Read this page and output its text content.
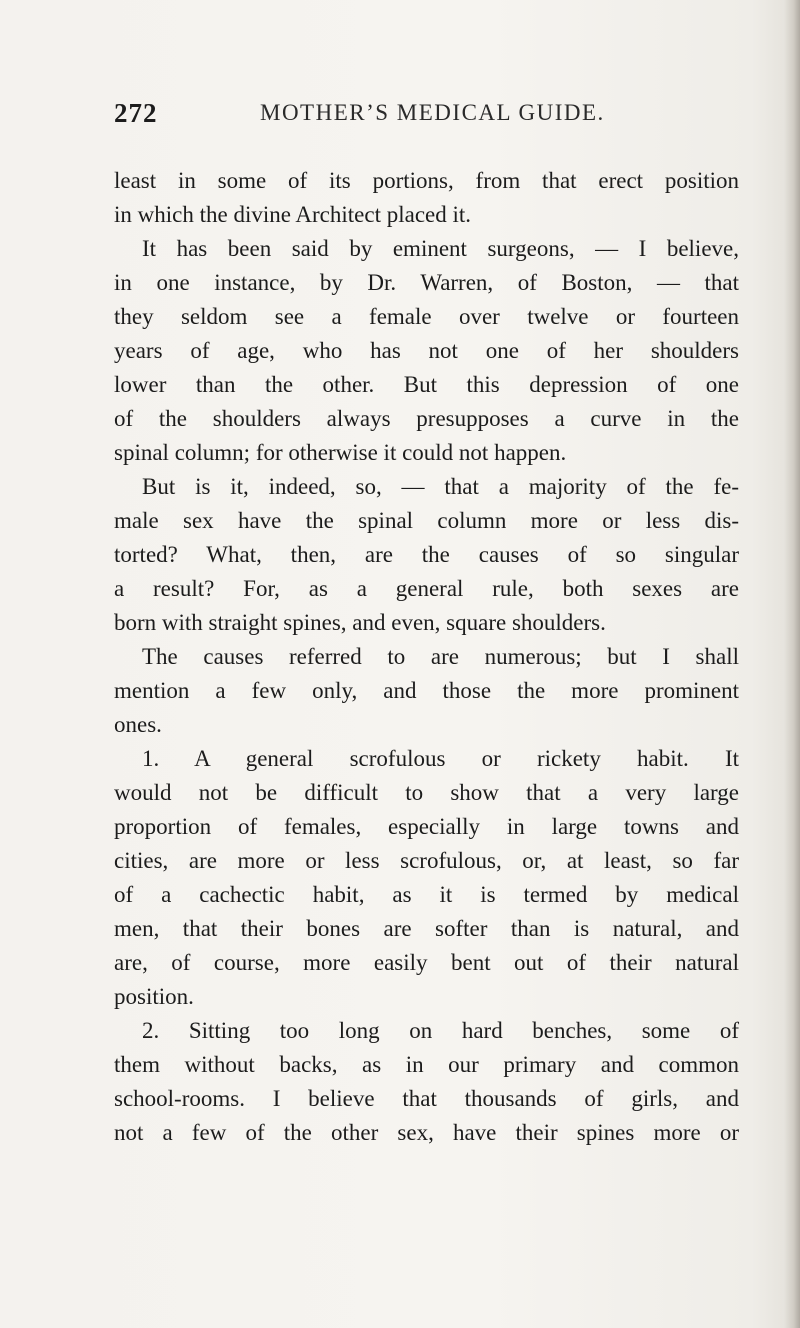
272	MOTHER’S MEDICAL GUIDE.
least in some of its portions, from that erect position
in which the divine Architect placed it.
It has been said by eminent surgeons, — I believe,
in one instance, by Dr. Warren, of Boston, — that
they seldom see a female over twelve or fourteen
years of age, who has not one of her shoulders
lower than the other. But this depression of one
of the shoulders always presupposes a curve in the
spinal column; for otherwise it could not happen.
But is it, indeed, so, — that a majority of the fe-
male sex have the spinal column more or less dis-
torted? What, then, are the causes of so singular
a result? For, as a general rule, both sexes are
born with straight spines, and even, square shoulders.
The causes referred to are numerous; but I shall
mention a few only, and those the more prominent
ones.
1. A general scrofulous or rickety habit. It
would not be difficult to show that a very large
proportion of females, especially in large towns and
cities, are more or less scrofulous, or, at least, so far
of a cachectic habit, as it is termed by medical
men, that their bones are softer than is natural, and
are, of course, more easily bent out of their natural
position.
2. Sitting too long on hard benches, some of
them without backs, as in our primary and common
school-rooms. I believe that thousands of girls, and
not a few of the other sex, have their spines more or
